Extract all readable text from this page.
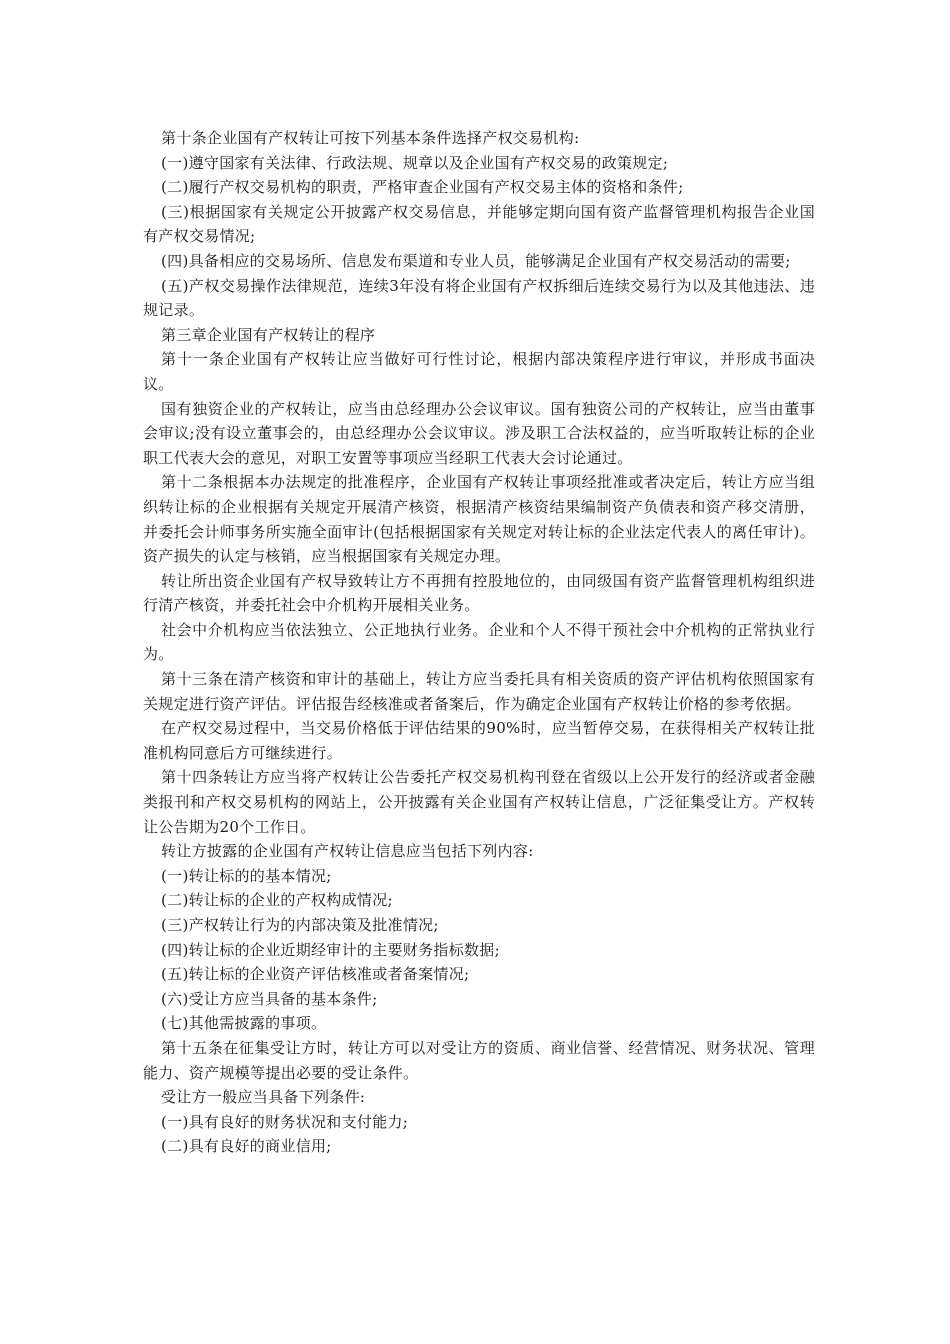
第十条企业国有产权转让可按下列基本条件选择产权交易机构:

(一)遵守国家有关法律、行政法规、规章以及企业国有产权交易的政策规定;

(二)履行产权交易机构的职责，严格审查企业国有产权交易主体的资格和条件;

(三)根据国家有关规定公开披露产权交易信息，并能够定期向国有资产监督管理机构报告企业国有产权交易情况;

(四)具备相应的交易场所、信息发布渠道和专业人员，能够满足企业国有产权交易活动的需要;

(五)产权交易操作法律规范，连续3年没有将企业国有产权拆细后连续交易行为以及其他违法、违规记录。

第三章企业国有产权转让的程序

第十一条企业国有产权转让应当做好可行性讨论，根据内部决策程序进行审议，并形成书面决议。

国有独资企业的产权转让，应当由总经理办公会议审议。国有独资公司的产权转让，应当由董事会审议;没有设立董事会的，由总经理办公会议审议。涉及职工合法权益的，应当听取转让标的企业职工代表大会的意见，对职工安置等事项应当经职工代表大会讨论通过。

第十二条根据本办法规定的批准程序，企业国有产权转让事项经批准或者决定后，转让方应当组织转让标的企业根据有关规定开展清产核资，根据清产核资结果编制资产负债表和资产移交清册，并委托会计师事务所实施全面审计(包括根据国家有关规定对转让标的企业法定代表人的离任审计)。资产损失的认定与核销，应当根据国家有关规定办理。

转让所出资企业国有产权导致转让方不再拥有控股地位的，由同级国有资产监督管理机构组织进行清产核资，并委托社会中介机构开展相关业务。

社会中介机构应当依法独立、公正地执行业务。企业和个人不得干预社会中介机构的正常执业行为。

第十三条在清产核资和审计的基础上，转让方应当委托具有相关资质的资产评估机构依照国家有关规定进行资产评估。评估报告经核准或者备案后，作为确定企业国有产权转让价格的参考依据。

在产权交易过程中，当交易价格低于评估结果的90%时，应当暂停交易，在获得相关产权转让批准机构同意后方可继续进行。

第十四条转让方应当将产权转让公告委托产权交易机构刊登在省级以上公开发行的经济或者金融类报刊和产权交易机构的网站上，公开披露有关企业国有产权转让信息，广泛征集受让方。产权转让公告期为20个工作日。

转让方披露的企业国有产权转让信息应当包括下列内容:

(一)转让标的的基本情况;

(二)转让标的企业的产权构成情况;

(三)产权转让行为的内部决策及批准情况;

(四)转让标的企业近期经审计的主要财务指标数据;

(五)转让标的企业资产评估核准或者备案情况;

(六)受让方应当具备的基本条件;

(七)其他需披露的事项。

第十五条在征集受让方时，转让方可以对受让方的资质、商业信誉、经营情况、财务状况、管理能力、资产规模等提出必要的受让条件。

受让方一般应当具备下列条件:

(一)具有良好的财务状况和支付能力;

(二)具有良好的商业信用;
